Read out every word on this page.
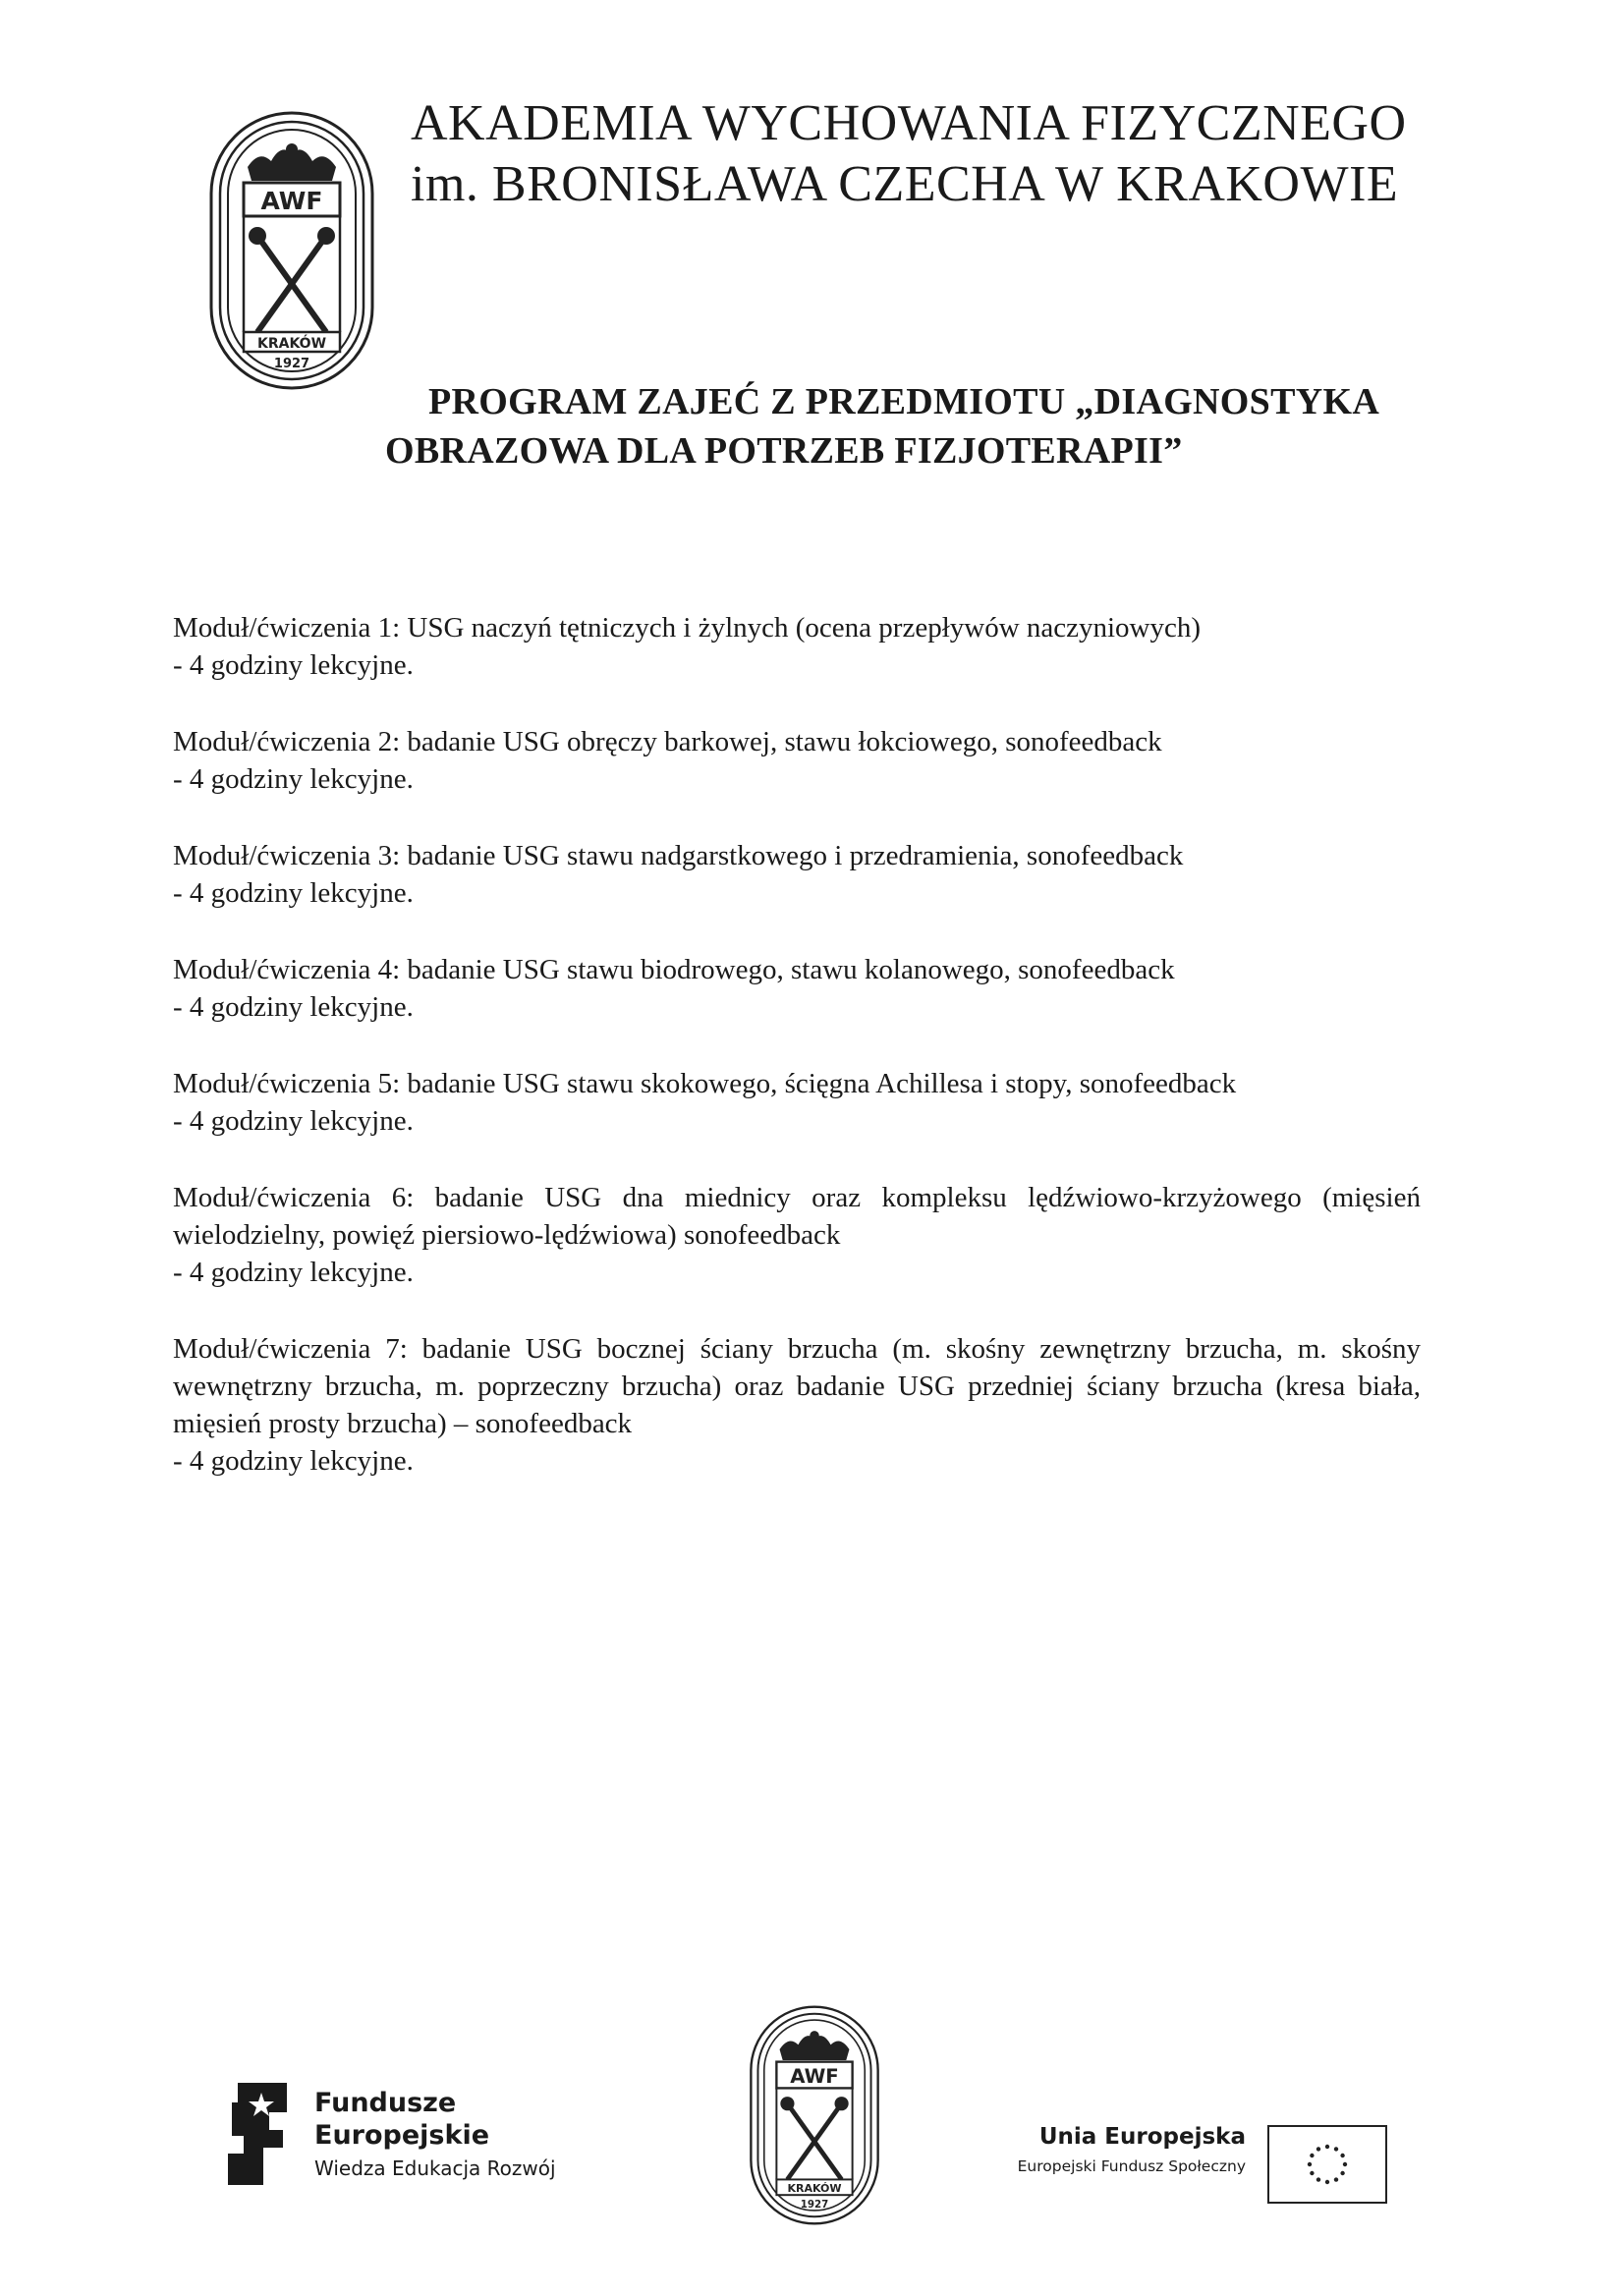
AWF
KRAKÓW
1927
AKADEMIA WYCHOWANIA FIZYCZNEGO
im. BRONISŁAWA CZECHA W KRAKOWIE
PROGRAM ZAJEĆ Z PRZEDMIOTU „DIAGNOSTYKA
OBRAZOWA DLA POTRZEB FIZJOTERAPII”
Moduł/ćwiczenia 1: USG naczyń tętniczych i żylnych (ocena przepływów naczyniowych)
- 4 godziny lekcyjne.
Moduł/ćwiczenia 2: badanie USG obręczy barkowej, stawu łokciowego, sonofeedback
- 4 godziny lekcyjne.
Moduł/ćwiczenia 3: badanie USG stawu nadgarstkowego i przedramienia, sonofeedback
- 4 godziny lekcyjne.
Moduł/ćwiczenia 4: badanie USG stawu biodrowego, stawu kolanowego, sonofeedback
- 4 godziny lekcyjne.
Moduł/ćwiczenia 5: badanie USG stawu skokowego, ścięgna Achillesa i stopy, sonofeedback
- 4 godziny lekcyjne.
Moduł/ćwiczenia 6: badanie USG dna miednicy oraz kompleksu lędźwiowo-krzyżowego (mięsień wielodzielny, powięź piersiowo-lędźwiowa) sonofeedback
- 4 godziny lekcyjne.
Moduł/ćwiczenia 7: badanie USG bocznej ściany brzucha (m. skośny zewnętrzny brzucha, m. skośny wewnętrzny brzucha, m. poprzeczny brzucha) oraz badanie USG przedniej ściany brzucha (kresa biała, mięsień prosty brzucha) – sonofeedback
- 4 godziny lekcyjne.
Fundusze
Europejskie
Wiedza Edukacja Rozwój
AWF
KRAKÓW
1927
Unia Europejska
Europejski Fundusz Społeczny
